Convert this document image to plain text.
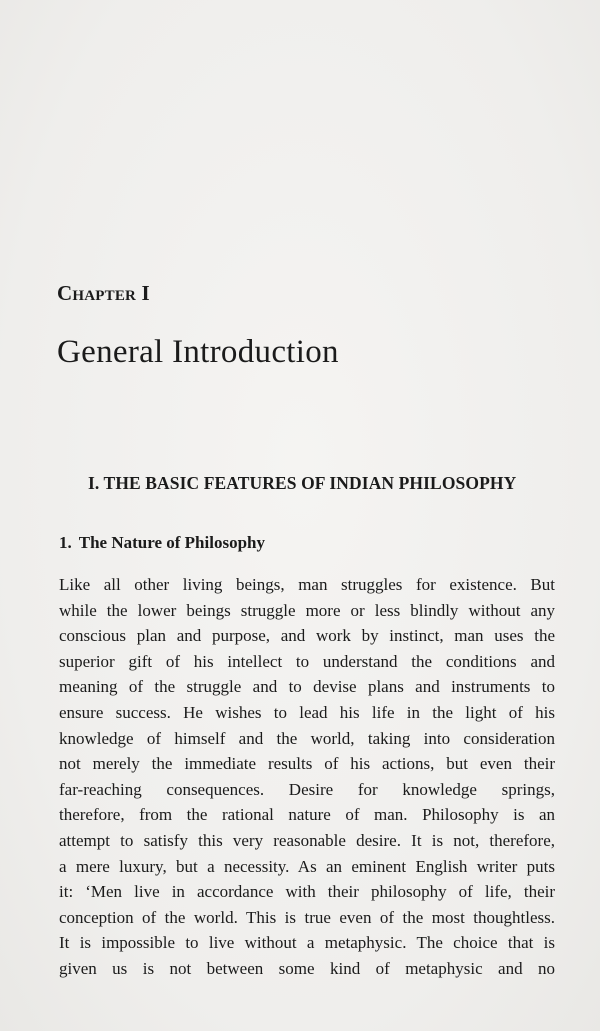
Chapter I
General Introduction
I. THE BASIC FEATURES OF INDIAN PHILOSOPHY
1. The Nature of Philosophy
Like all other living beings, man struggles for existence. But
while the lower beings struggle more or less blindly without any
conscious plan and purpose, and work by instinct, man uses the
superior gift of his intellect to understand the conditions and
meaning of the struggle and to devise plans and instruments to
ensure success. He wishes to lead his life in the light of his
knowledge of himself and the world, taking into consideration
not merely the immediate results of his actions, but even their
far-reaching consequences. Desire for knowledge springs,
therefore, from the rational nature of man. Philosophy is an
attempt to satisfy this very reasonable desire. It is not, therefore,
a mere luxury, but a necessity. As an eminent English writer puts
it: ‘Men live in accordance with their philosophy of life, their
conception of the world. This is true even of the most thoughtless.
It is impossible to live without a metaphysic. The choice that is
given us is not between some kind of metaphysic and no
